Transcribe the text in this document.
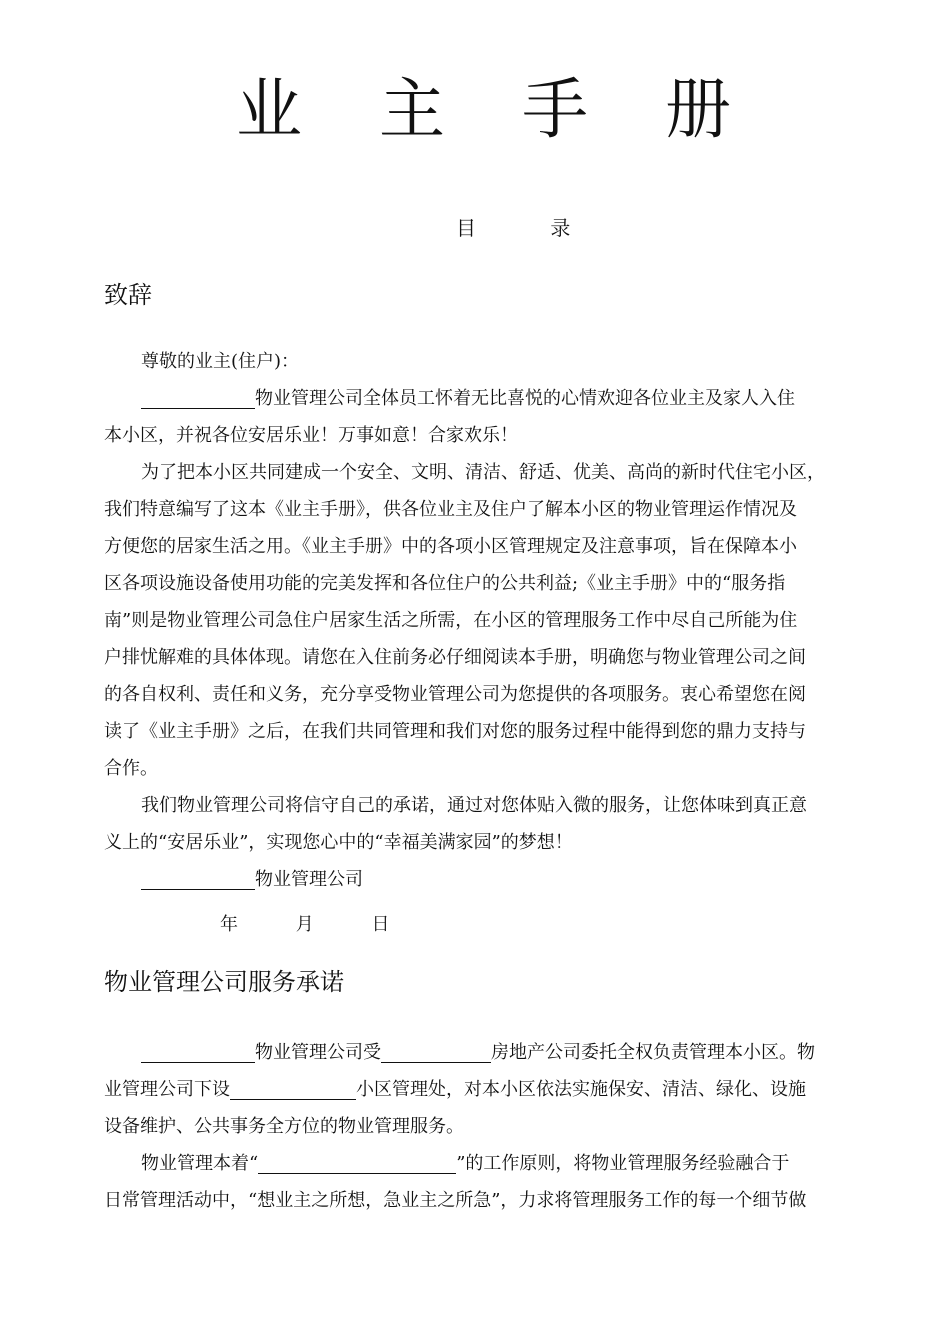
业 主 手 册
目 录
致辞
尊敬的业主(住户)：
物业管理公司全体员工怀着无比喜悦的心情欢迎各位业主及家人入住
本小区，并祝各位安居乐业！万事如意！合家欢乐！
为了把本小区共同建成一个安全、文明、清洁、舒适、优美、高尚的新时代住宅小区，
我们特意编写了这本《业主手册》，供各位业主及住户了解本小区的物业管理运作情况及
方便您的居家生活之用。《业主手册》中的各项小区管理规定及注意事项，旨在保障本小
区各项设施设备使用功能的完美发挥和各位住户的公共利益;《业主手册》中的“服务指
南”则是物业管理公司急住户居家生活之所需，在小区的管理服务工作中尽自己所能为住
户排忧解难的具体体现。请您在入住前务必仔细阅读本手册，明确您与物业管理公司之间
的各自权利、责任和义务，充分享受物业管理公司为您提供的各项服务。衷心希望您在阅
读了《业主手册》之后，在我们共同管理和我们对您的服务过程中能得到您的鼎力支持与
合作。
我们物业管理公司将信守自己的承诺，通过对您体贴入微的服务，让您体味到真正意
义上的“安居乐业”，实现您心中的“幸福美满家园”的梦想！
物业管理公司
年	月	日
物业管理公司服务承诺
物业管理公司受	房地产公司委托全权负责管理本小区。物
业管理公司下设	小区管理处，对本小区依法实施保安、清洁、绿化、设施
设备维护、公共事务全方位的物业管理服务。
物业管理本着“	”的工作原则，将物业管理服务经验融合于
日常管理活动中，“想业主之所想，急业主之所急”，力求将管理服务工作的每一个细节做
